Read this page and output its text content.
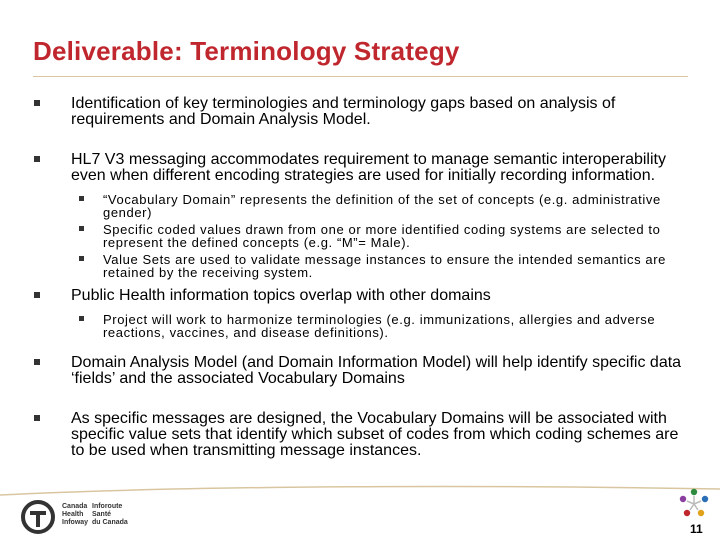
Deliverable: Terminology Strategy
Identification of key terminologies and terminology gaps based on analysis of requirements and Domain Analysis Model.
HL7 V3 messaging accommodates requirement to manage semantic interoperability even when different encoding strategies are used for initially recording information.
“Vocabulary Domain” represents the definition of the set of concepts (e.g. administrative gender)
Specific coded values drawn from one or more identified coding systems are selected to represent the defined concepts (e.g. “M”= Male).
Value Sets are used to validate message instances to ensure the intended semantics are retained by the receiving system.
Public Health information topics overlap with other domains
Project will work to harmonize terminologies (e.g. immunizations, allergies and adverse reactions, vaccines, and disease definitions).
Domain Analysis Model (and Domain Information Model) will help identify specific data ‘fields’ and the associated Vocabulary Domains
As specific messages are designed, the Vocabulary Domains will be associated with specific value sets that identify which subset of codes from which coding schemes are to be used when transmitting message instances.
Canada
Health
Infoway
Inforoute
Santé
du Canada	11
